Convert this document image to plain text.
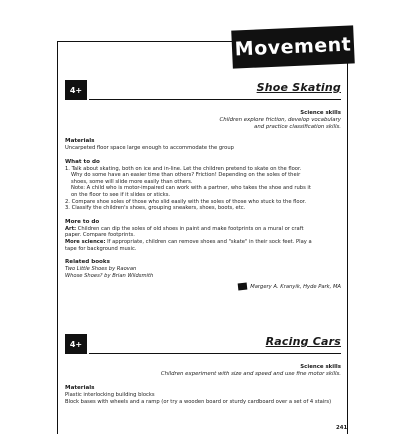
Movement
4+	Shoe Skating
Science skills
Children explore friction, develop vocabulary
and practice classification skills.
Materials
Uncarpeted floor space large enough to accommodate the group
What to do
1. Talk about skating, both on ice and in-line. Let the children pretend to skate on the floor.
Why do some have an easier time than others? Friction! Depending on the soles of their
shoes, some will slide more easily than others.
Note: A child who is motor-impaired can work with a partner, who takes the shoe and rubs it
on the floor to see if it slides or sticks.
2. Compare shoe soles of those who slid easily with the soles of those who stuck to the floor.
3. Classify the children's shoes, grouping sneakers, shoes, boots, etc.
More to do
Art: Children can dip the soles of old shoes in paint and make footprints on a mural or craft
paper. Compare footprints.
More science: If appropriate, children can remove shoes and "skate" in their sock feet. Play a
tape for background music.
Related books
Two Little Shoes by Raovan
Whose Shoes? by Brian Wildsmith
Margery A. Kranyik, Hyde Park, MA
4+	Racing Cars
Science skills
Children experiment with size and speed and use fine motor skills.
Materials
Plastic interlocking building blocks
Block bases with wheels and a ramp (or try a wooden board or sturdy cardboard over a set of 4 stairs)
241
